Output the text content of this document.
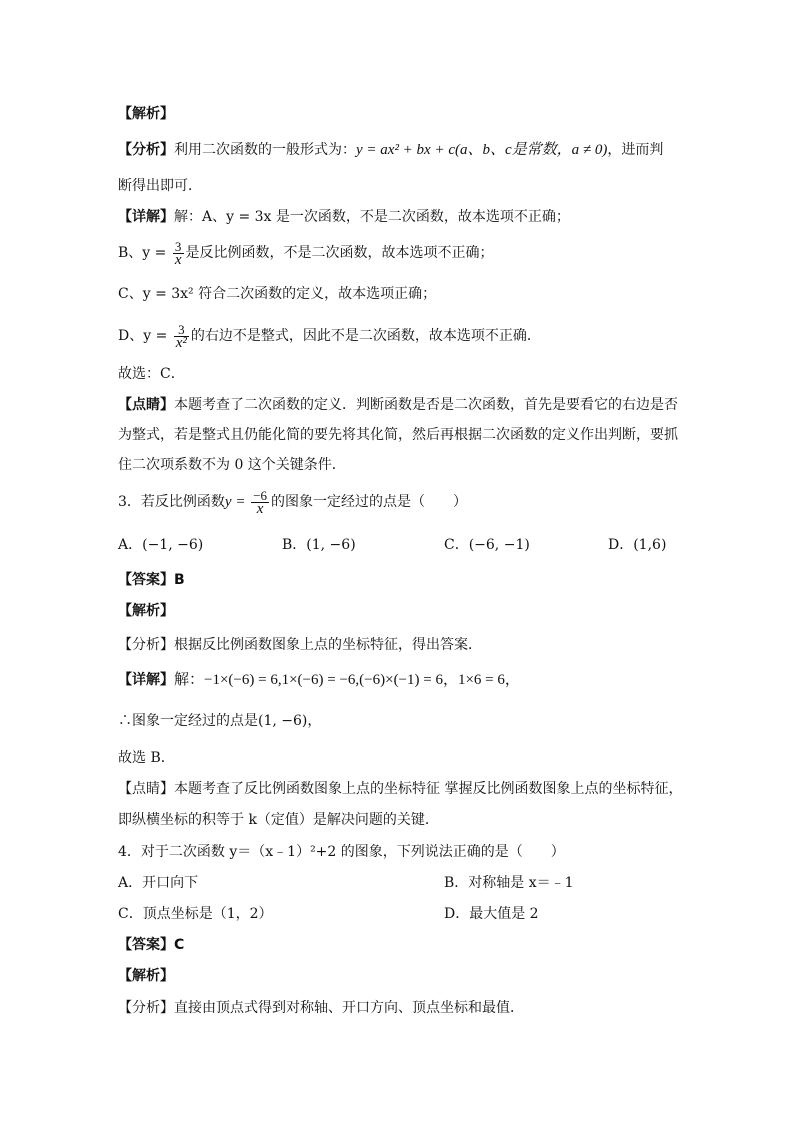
【解析】
【分析】利用二次函数的一般形式为：y = ax² + bx + c(a、b、c是常数，a ≠ 0)，进而判
断得出即可．
【详解】解：A、y = 3x 是一次函数，不是二次函数，故本选项不正确；
B、$y = \frac{3}{x}$ 是反比例函数，不是二次函数，故本选项不正确；
C、y = 3x² 符合二次函数的定义，故本选项正确；
D、$y = \frac{3}{\text{x²}}$ 的右边不是整式，因此不是二次函数，故本选项不正确．
故选：C．
【点睛】本题考查了二次函数的定义．判断函数是否是二次函数，首先是要看它的右边是否
为整式，若是整式且仍能化简的要先将其化简，然后再根据二次函数的定义作出判断，要抓
住二次项系数不为 0 这个关键条件．
3．若反比例函数$y = \frac{-6}{x}$ 的图象一定经过的点是（　　）
A．(−1, −6)	B．(1, −6)	C．(−6, −1)	D．(1,6)
【答案】B
【解析】
【分析】根据反比例函数图象上点的坐标特征，得出答案．
【详解】解：−1×(−6) = 6,1×(−6) = −6,(−6)×(−1) = 6，1×6 = 6，
∴图象一定经过的点是(1, −6)，
故选 B．
【点睛】本题考查了反比例函数图象上点的坐标特征 掌握反比例函数图象上点的坐标特征，
即纵横坐标的积等于 k（定值）是解决问题的关键．
4．对于二次函数 y＝（x﹣1）²+2 的图象，下列说法正确的是（　　）
A．开口向下	B．对称轴是 x＝﹣1
C．顶点坐标是（1，2）	D．最大值是 2
【答案】C
【解析】
【分析】直接由顶点式得到对称轴、开口方向、顶点坐标和最值．
